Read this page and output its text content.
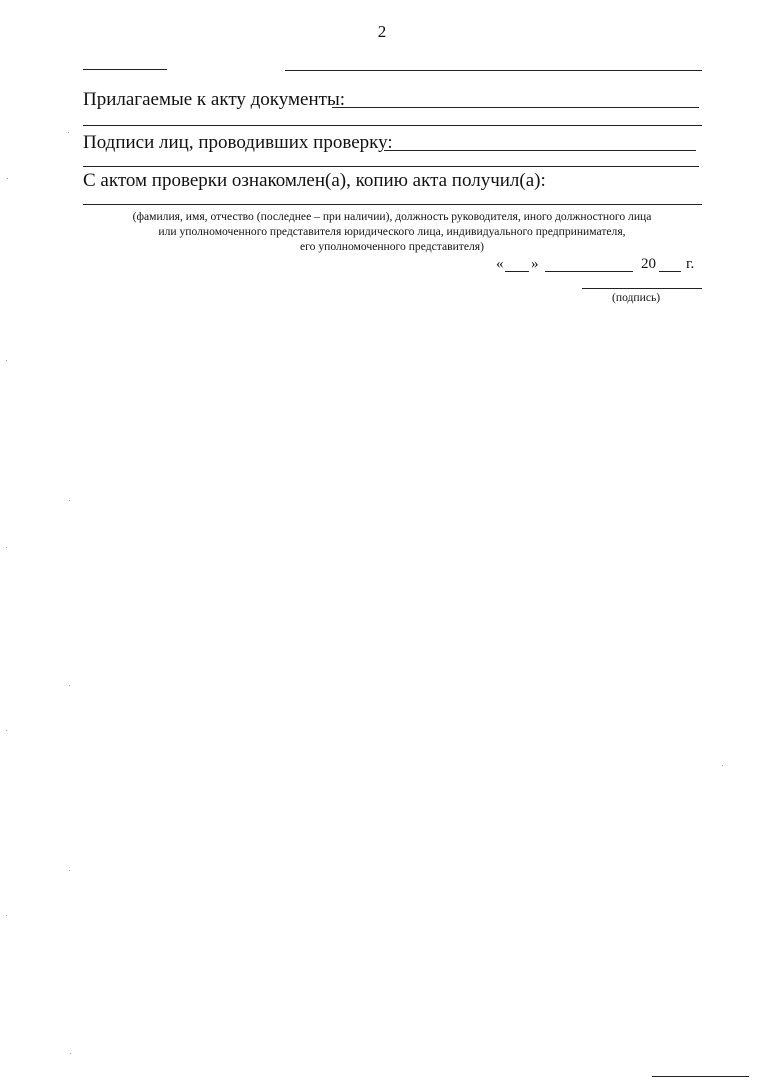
2
Прилагаемые к акту документы:
Подписи лиц, проводивших проверку:
С актом проверки ознакомлен(а), копию акта получил(а):
(фамилия, имя, отчество (последнее – при наличии), должность руководителя, иного должностного лица
или уполномоченного представителя юридического лица, индивидуального предпринимателя,
его уполномоченного представителя)
« »	20 г.
(подпись)
